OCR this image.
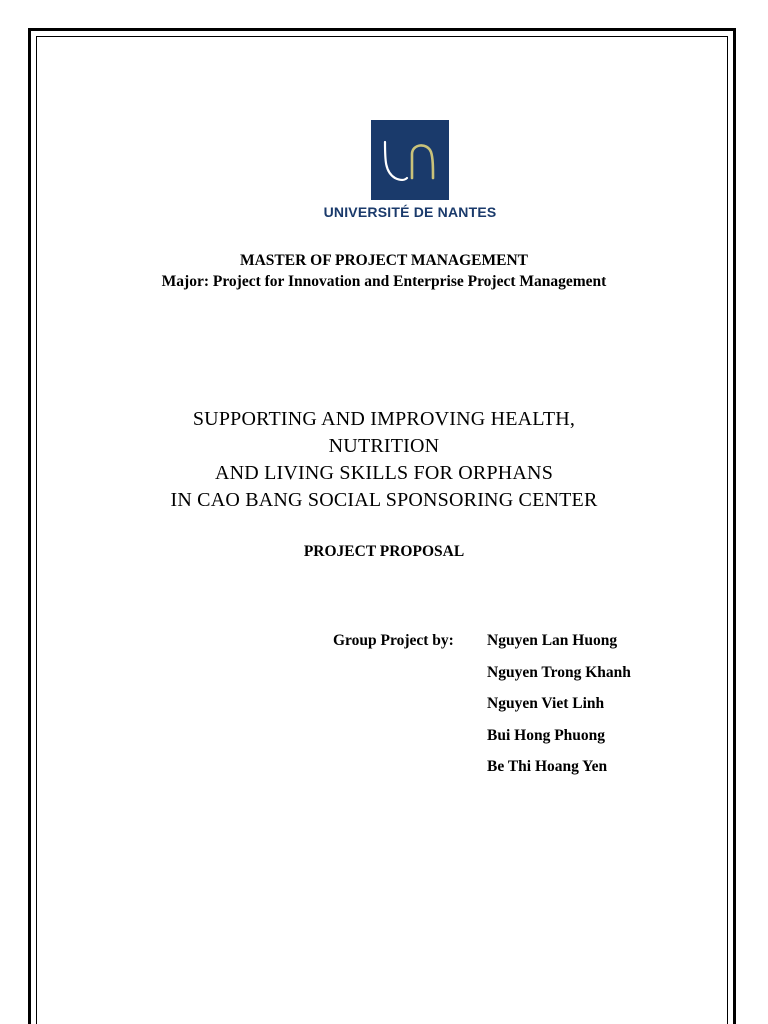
UNIVERSITÉ DE NANTES
MASTER OF PROJECT MANAGEMENT
Major: Project for Innovation and Enterprise Project Management
SUPPORTING AND IMPROVING HEALTH,
NUTRITION
AND LIVING SKILLS FOR ORPHANS
IN CAO BANG SOCIAL SPONSORING CENTER
PROJECT PROPOSAL
Group Project by: Nguyen Lan Huong
Nguyen Trong Khanh
Nguyen Viet Linh
Bui Hong Phuong
Be Thi Hoang Yen
